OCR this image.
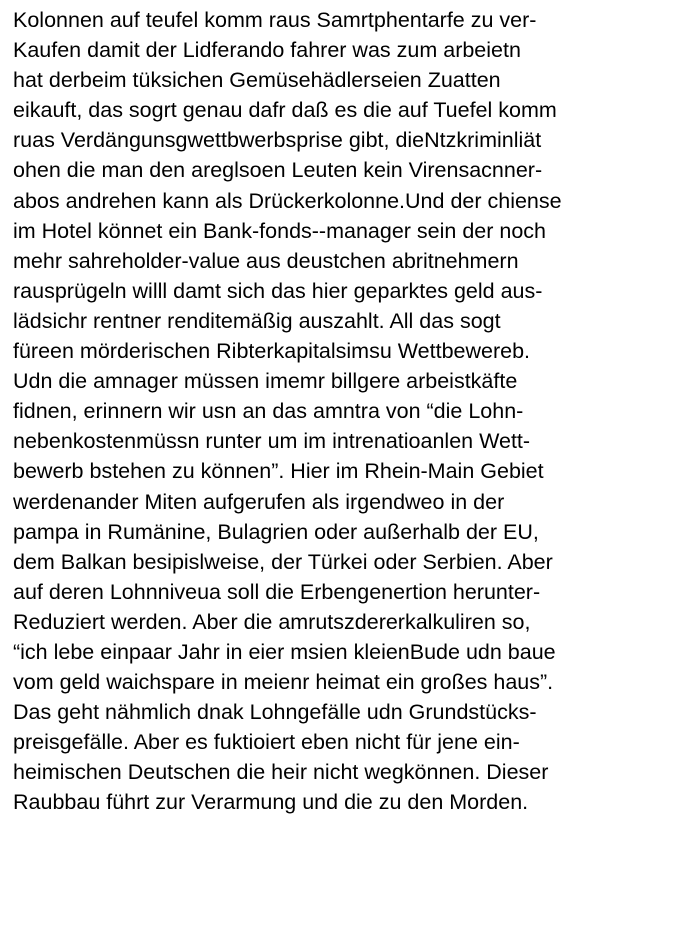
Kolonnen auf teufel komm raus Samrtphentarfe zu ver-
Kaufen damit der Lidferando fahrer was zum arbeietn
hat derbeim tüksichen Gemüsehädlerseien Zuatten
eikauft, das sogrt genau dafr daß es die auf Tuefel komm
ruas Verdängunsgwettbwerbsprise gibt, dieNtzkriminliät
ohen die man den areglsoen Leuten kein Virensacnner-
abos andrehen kann als Drückerkolonne.Und der chiense
im Hotel könnet ein Bank-fonds--manager sein der noch
mehr sahreholder-value aus deustchen abritnehmern
rausprügeln willl damt sich das hier geparktes geld aus-
lädsichr rentner renditemäßig auszahlt. All das sogt
füreen mörderischen Ribterkapitalsimsu Wettbewereb.
Udn die amnager müssen imemr billgere arbeistkäfte
fidnen, erinnern wir usn an das amntra von “die Lohn-
nebenkostenmüssn runter um im intrenatioanlen Wett-
bewerb bstehen zu können”. Hier im Rhein-Main Gebiet
werdenander Miten aufgerufen als irgendweo in der
pampa in Rumänine, Bulagrien oder außerhalb der EU,
dem Balkan besipislweise, der Türkei oder Serbien. Aber
auf deren Lohnniveua soll die Erbengenertion herunter-
Reduziert werden. Aber die amrutszdererkalkuliren so,
“ich lebe einpaar Jahr in eier msien kleienBude udn baue
vom geld waichspare in meienr heimat ein großes haus”.
Das geht nähmlich dnak Lohngefälle udn Grundstücks-
preisgefälle. Aber es fuktioiert eben nicht für jene ein-
heimischen Deutschen die heir nicht wegkönnen. Dieser
Raubbau führt zur Verarmung und die zu den Morden.
